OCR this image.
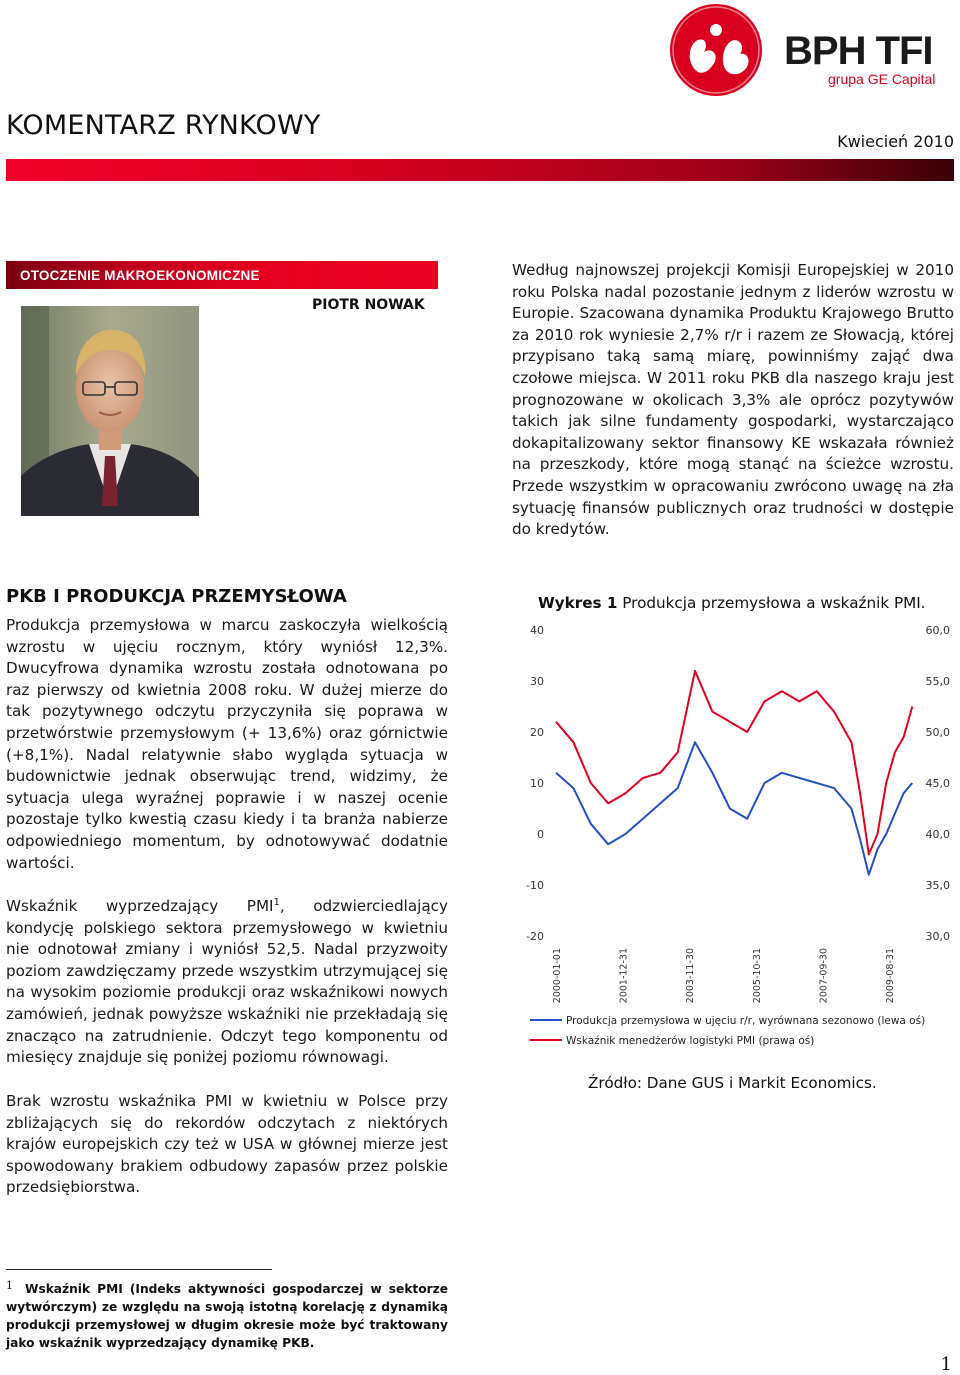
BPH TFI
grupa GE Capital
KOMENTARZ RYNKOWY
Kwiecień 2010
OTOCZENIE MAKROEKONOMICZNE
PIOTR NOWAK
Według najnowszej projekcji Komisji Europejskiej w 2010 roku Polska nadal pozostanie jednym z liderów wzrostu w Europie. Szacowana dynamika Produktu Krajowego Brutto za 2010 rok wyniesie 2,7% r/r i razem ze Słowacją, której przypisano taką samą miarę, powinniśmy zająć dwa czołowe miejsca. W 2011 roku PKB dla naszego kraju jest prognozowane w okolicach 3,3% ale oprócz pozytywów takich jak silne fundamenty gospodarki, wystarczająco dokapitalizowany sektor finansowy KE wskazała również na przeszkody, które mogą stanąć na ścieżce wzrostu. Przede wszystkim w opracowaniu zwrócono uwagę na zła sytuację finansów publicznych oraz trudności w dostępie do kredytów.
PKB I PRODUKCJA PRZEMYSŁOWA
Produkcja przemysłowa w marcu zaskoczyła wielkością wzrostu w ujęciu rocznym, który wyniósł 12,3%. Dwucyfrowa dynamika wzrostu została odnotowana po raz pierwszy od kwietnia 2008 roku. W dużej mierze do tak pozytywnego odczytu przyczyniła się poprawa w przetwórstwie przemysłowym (+ 13,6%) oraz górnictwie (+8,1%). Nadal relatywnie słabo wygląda sytuacja w budownictwie jednak obserwując trend, widzimy, że sytuacja ulega wyraźnej poprawie i w naszej ocenie pozostaje tylko kwestią czasu kiedy i ta branża nabierze odpowiedniego momentum, by odnotowywać dodatnie wartości.
Wskaźnik wyprzedzający PMI$^1$, odzwierciedlający kondycję polskiego sektora przemysłowego w kwietniu nie odnotował zmiany i wyniósł 52,5. Nadal przyzwoity poziom zawdzięczamy przede wszystkim utrzymującej się na wysokim poziomie produkcji oraz wskaźnikowi nowych zamówień, jednak powyższe wskaźniki nie przekładają się znacząco na zatrudnienie. Odczyt tego komponentu od miesięcy znajduje się poniżej poziomu równowagi.
Brak wzrostu wskaźnika PMI w kwietniu w Polsce przy zbliżających się do rekordów odczytach z niektórych krajów europejskich czy też w USA w głównej mierze jest spowodowany brakiem odbudowy zapasów przez polskie przedsiębiorstwa.
Wykres 1 Produkcja przemysłowa a wskaźnik PMI.
40
30
20
10
0
-10
-20
60,0
55,0
50,0
45,0
40,0
35,0
30,0
2000-01-01	2001-12-31	2003-11-30	2005-10-31	2007-09-30	2009-08-31
Produkcja przemysłowa w ujęciu r/r, wyrównana sezonowo (lewa oś)
Wskaźnik menedżerów logistyki PMI (prawa oś)
Źródło: Dane GUS i Markit Economics.
1 Wskaźnik PMI (Indeks aktywności gospodarczej w sektorze wytwórczym) ze względu na swoją istotną korelację z dynamiką produkcji przemysłowej w długim okresie może być traktowany jako wskaźnik wyprzedzający dynamikę PKB.
1
